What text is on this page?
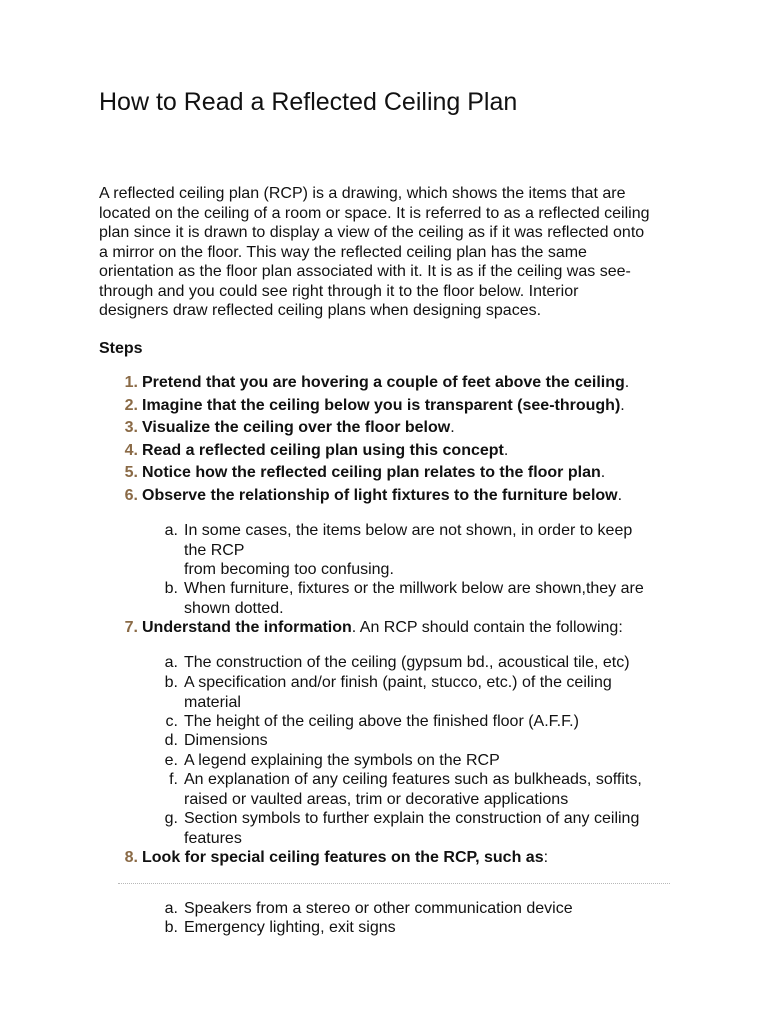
How to Read a Reflected Ceiling Plan

A reflected ceiling plan (RCP) is a drawing, which shows the items that are
located on the ceiling of a room or space. It is referred to as a reflected ceiling
plan since it is drawn to display a view of the ceiling as if it was reflected onto
a mirror on the floor. This way the reflected ceiling plan has the same
orientation as the floor plan associated with it. It is as if the ceiling was see-
through and you could see right through it to the floor below. Interior
designers draw reflected ceiling plans when designing spaces.

Steps
1. Pretend that you are hovering a couple of feet above the ceiling.
2. Imagine that the ceiling below you is transparent (see-through).
3. Visualize the ceiling over the floor below.
4. Read a reflected ceiling plan using this concept.
5. Notice how the reflected ceiling plan relates to the floor plan.
6. Observe the relationship of light fixtures to the furniture below.
a. In some cases, the items below are not shown, in order to keep
the RCP
from becoming too confusing.
b. When furniture, fixtures or the millwork below are shown,they are
shown dotted.
7. Understand the information. An RCP should contain the following:
a. The construction of the ceiling (gypsum bd., acoustical tile, etc)
b. A specification and/or finish (paint, stucco, etc.) of the ceiling
material
c. The height of the ceiling above the finished floor (A.F.F.)
d. Dimensions
e. A legend explaining the symbols on the RCP
f. An explanation of any ceiling features such as bulkheads, soffits,
raised or vaulted areas, trim or decorative applications
g. Section symbols to further explain the construction of any ceiling
features
8. Look for special ceiling features on the RCP, such as:
a. Speakers from a stereo or other communication device
b. Emergency lighting, exit signs
